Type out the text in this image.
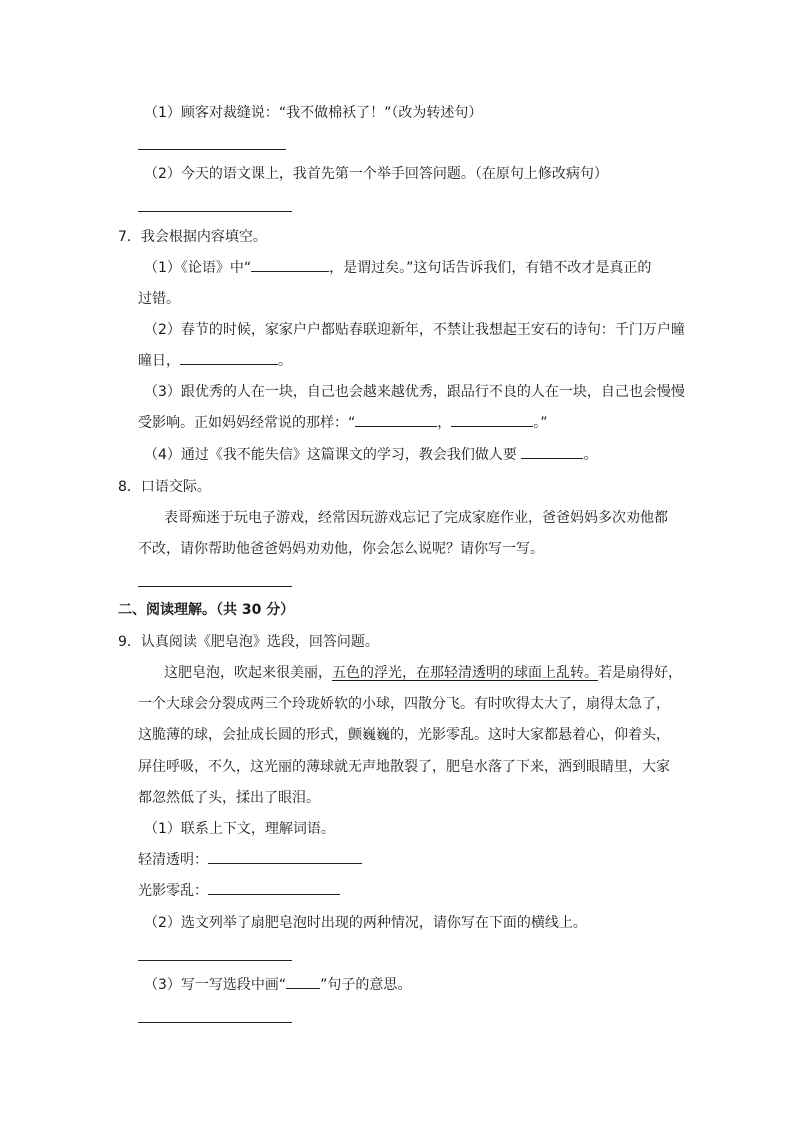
（1）顾客对裁缝说：“我不做棉袄了！”（改为转述句）
（2）今天的语文课上，我首先第一个举手回答问题。（在原句上修改病句）
7．我会根据内容填空。
（1）《论语》中“	，是谓过矣。”这句话告诉我们，有错不改才是真正的
过错。
（2）春节的时候，家家户户都贴春联迎新年，不禁让我想起王安石的诗句：千门万户曈
曈日，	。
（3）跟优秀的人在一块，自己也会越来越优秀，跟品行不良的人在一块，自己也会慢慢
受影响。正如妈妈经常说的那样：“	，	。”
（4）通过《我不能失信》这篇课文的学习，教会我们做人要	。
8．口语交际。
表哥痴迷于玩电子游戏，经常因玩游戏忘记了完成家庭作业，爸爸妈妈多次劝他都
不改，请你帮助他爸爸妈妈劝劝他，你会怎么说呢？请你写一写。
二、阅读理解。（共 30 分）
9．认真阅读《肥皂泡》选段，回答问题。
这肥皂泡，吹起来很美丽，五色的浮光，在那轻清透明的球面上乱转。若是扇得好，
一个大球会分裂成两三个玲珑娇软的小球，四散分飞。有时吹得太大了，扇得太急了，
这脆薄的球，会扯成长圆的形式，颤巍巍的，光影零乱。这时大家都悬着心，仰着头，
屏住呼吸，不久，这光丽的薄球就无声地散裂了，肥皂水落了下来，洒到眼睛里，大家
都忽然低了头，揉出了眼泪。
（1）联系上下文，理解词语。
轻清透明：
光影零乱：
（2）选文列举了扇肥皂泡时出现的两种情况，请你写在下面的横线上。
（3）写一写选段中画“ ”句子的意思。
